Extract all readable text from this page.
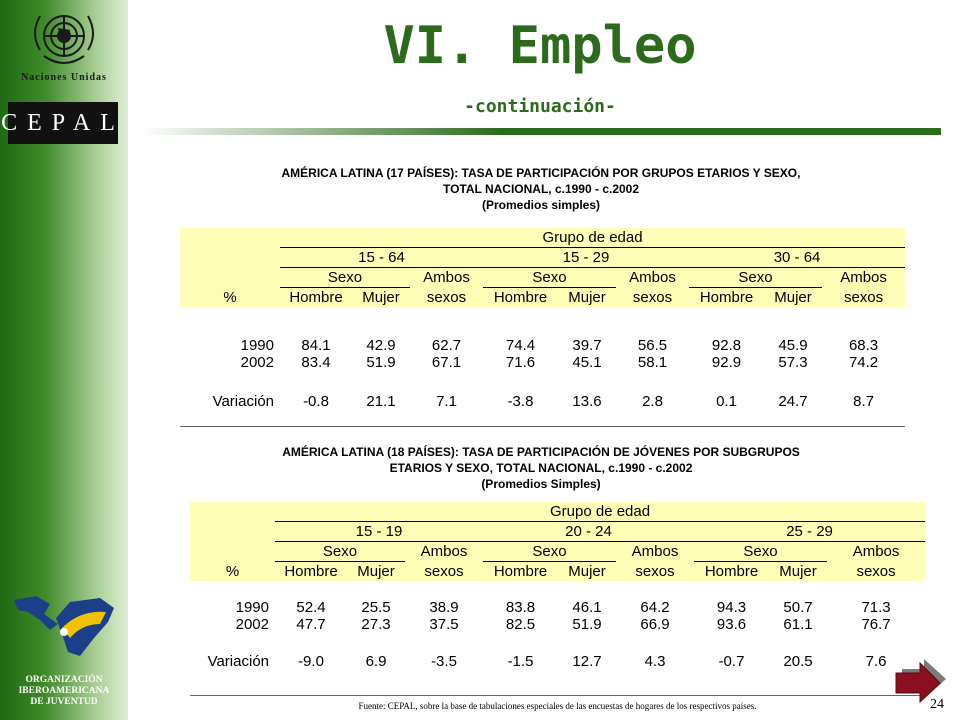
Naciones Unidas
CEPAL
ORGANIZACIÓN
IBEROAMERICANA
DE JUVENTUD
VI. Empleo
-continuación-
AMÉRICA LATINA (17 PAÍSES): TASA DE PARTICIPACIÓN POR GRUPOS ETARIOS Y SEXO,
TOTAL NACIONAL, c.1990 - c.2002
(Promedios simples)
	Grupo de edad								
	15 - 64			15 - 29			30 - 64		
	Sexo		Ambos	Sexo		Ambos	Sexo		Ambos
%	Hombre	Mujer	sexos	Hombre	Mujer	sexos	Hombre	Mujer	sexos

1990	84.1	42.9	62.7	74.4	39.7	56.5	92.8	45.9	68.3
2002	83.4	51.9	67.1	71.6	45.1	58.1	92.9	57.3	74.2

Variación	-0.8	21.1	7.1	-3.8	13.6	2.8	0.1	24.7	8.7

AMÉRICA LATINA (18 PAÍSES): TASA DE PARTICIPACIÓN DE JÓVENES POR SUBGRUPOS
ETARIOS Y SEXO, TOTAL NACIONAL, c.1990 - c.2002
(Promedios Simples)
	Grupo de edad								
	15 - 19			20 - 24			25 - 29		
	Sexo		Ambos	Sexo		Ambos	Sexo		Ambos
%	Hombre	Mujer	sexos	Hombre	Mujer	sexos	Hombre	Mujer	sexos

1990	52.4	25.5	38.9	83.8	46.1	64.2	94.3	50.7	71.3
2002	47.7	27.3	37.5	82.5	51.9	66.9	93.6	61.1	76.7

Variación	-9.0	6.9	-3.5	-1.5	12.7	4.3	-0.7	20.5	7.6
Fuente: CEPAL, sobre la base de tabulaciones especiales de las encuestas de hogares de los respectivos países.	24
